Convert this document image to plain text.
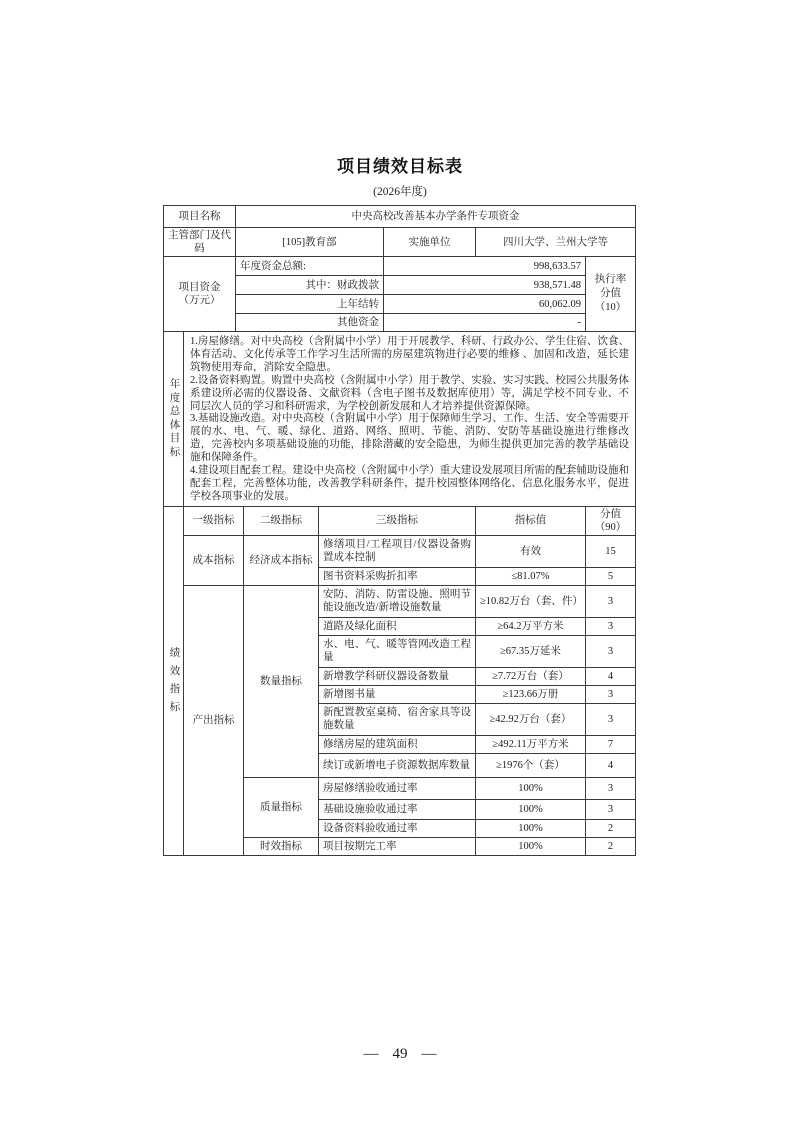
项目绩效目标表
(2026年度)
项目名称	中央高校改善基本办学条件专项资金		
主管部门及代码	[105]教育部	实施单位	四川大学、兰州大学等
项目资金
（万元）
	年度资金总额:	998,633.57	
执行率
分值
（10）

	其中：财政拨款	938,571.48	
	上年结转	60,062.09	
	其他资金	-	
年度总体目标

1.房屋修缮。对中央高校（含附属中小学）用于开展教学、科研、行政办公、学生住宿、饮食、体育活动、文化传承等工作学习生活所需的房屋建筑物进行必要的维修 、加固和改造，延长建筑物使用寿命，消除安全隐患。
2.设备资料购置。购置中央高校（含附属中小学）用于教学、实验、实习实践、校园公共服务体系建设所必需的仪器设备、文献资料（含电子图书及数据库使用）等，满足学校不同专业、不同层次人员的学习和科研需求，为学校创新发展和人才培养提供资源保障。
3.基础设施改造。对中央高校（含附属中小学）用于保障师生学习、工作、生活、安全等需要开展的水、电、气、暖、绿化、道路、网络、照明、节能、消防、安防等基础设施进行维修改造，完善校内多项基础设施的功能，排除潜藏的安全隐患，为师生提供更加完善的教学基础设施和保障条件。
4.建设项目配套工程。建设中央高校（含附属中小学）重大建设发展项目所需的配套辅助设施和配套工程，完善整体功能，改善教学科研条件，提升校园整体网络化、信息化服务水平，促进学校各项事业的发展。
绩效指标	一级指标	二级指标	三级指标	指标值	分值
（90）

	成本指标	经济成本指标	修缮项目/工程项目/仪器设备购置成本控制	有效	15
			图书资料采购折扣率	≤81.07%	5
	产出指标	数量指标	安防、消防、防雷设施、照明节能设施改造/新增设施数量	≥10.82万台（套、件）	3
			道路及绿化面积	≥64.2万平方米	3
			水、电、气、暖等管网改造工程量	≥67.35万延米	3
			新增教学科研仪器设备数量	≥7.72万台（套）	4
			新增图书量	≥123.66万册	3
			新配置教室桌椅、宿舍家具等设施数量	≥42.92万台（套）	3
			修缮房屋的建筑面积	≥492.11万平方米	7
			续订或新增电子资源数据库数量	≥1976个（套）	4
		质量指标	房屋修缮验收通过率	100%	3
			基础设施验收通过率	100%	3
			设备资料验收通过率	100%	2
		时效指标	项目按期完工率	100%	2
— 49 —
